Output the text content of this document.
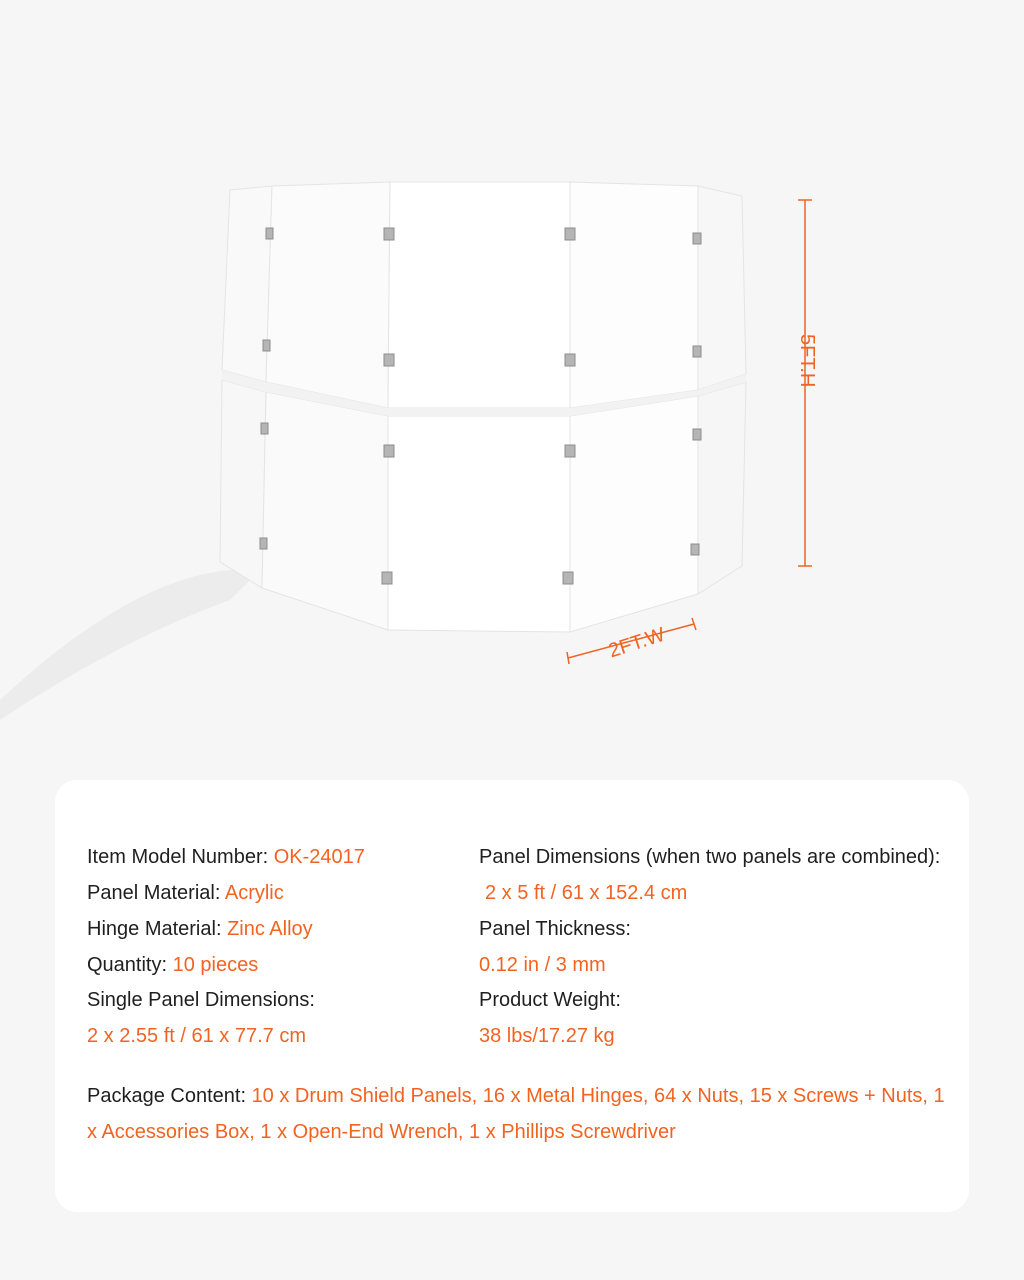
5FT.H
2FT.W
Item Model Number: OK-24017
Panel Material: Acrylic
Hinge Material: Zinc Alloy
Quantity: 10 pieces
Single Panel Dimensions:
2 x 2.55 ft / 61 x 77.7 cm
Panel Dimensions (when two panels are combined):
2 x 5 ft / 61 x 152.4 cm
Panel Thickness:
0.12 in / 3 mm
Product Weight:
38 lbs/17.27 kg
Package Content: 10 x Drum Shield Panels, 16 x Metal Hinges, 64 x Nuts, 15 x Screws + Nuts, 1 x Accessories Box, 1 x Open-End Wrench, 1 x Phillips Screwdriver
